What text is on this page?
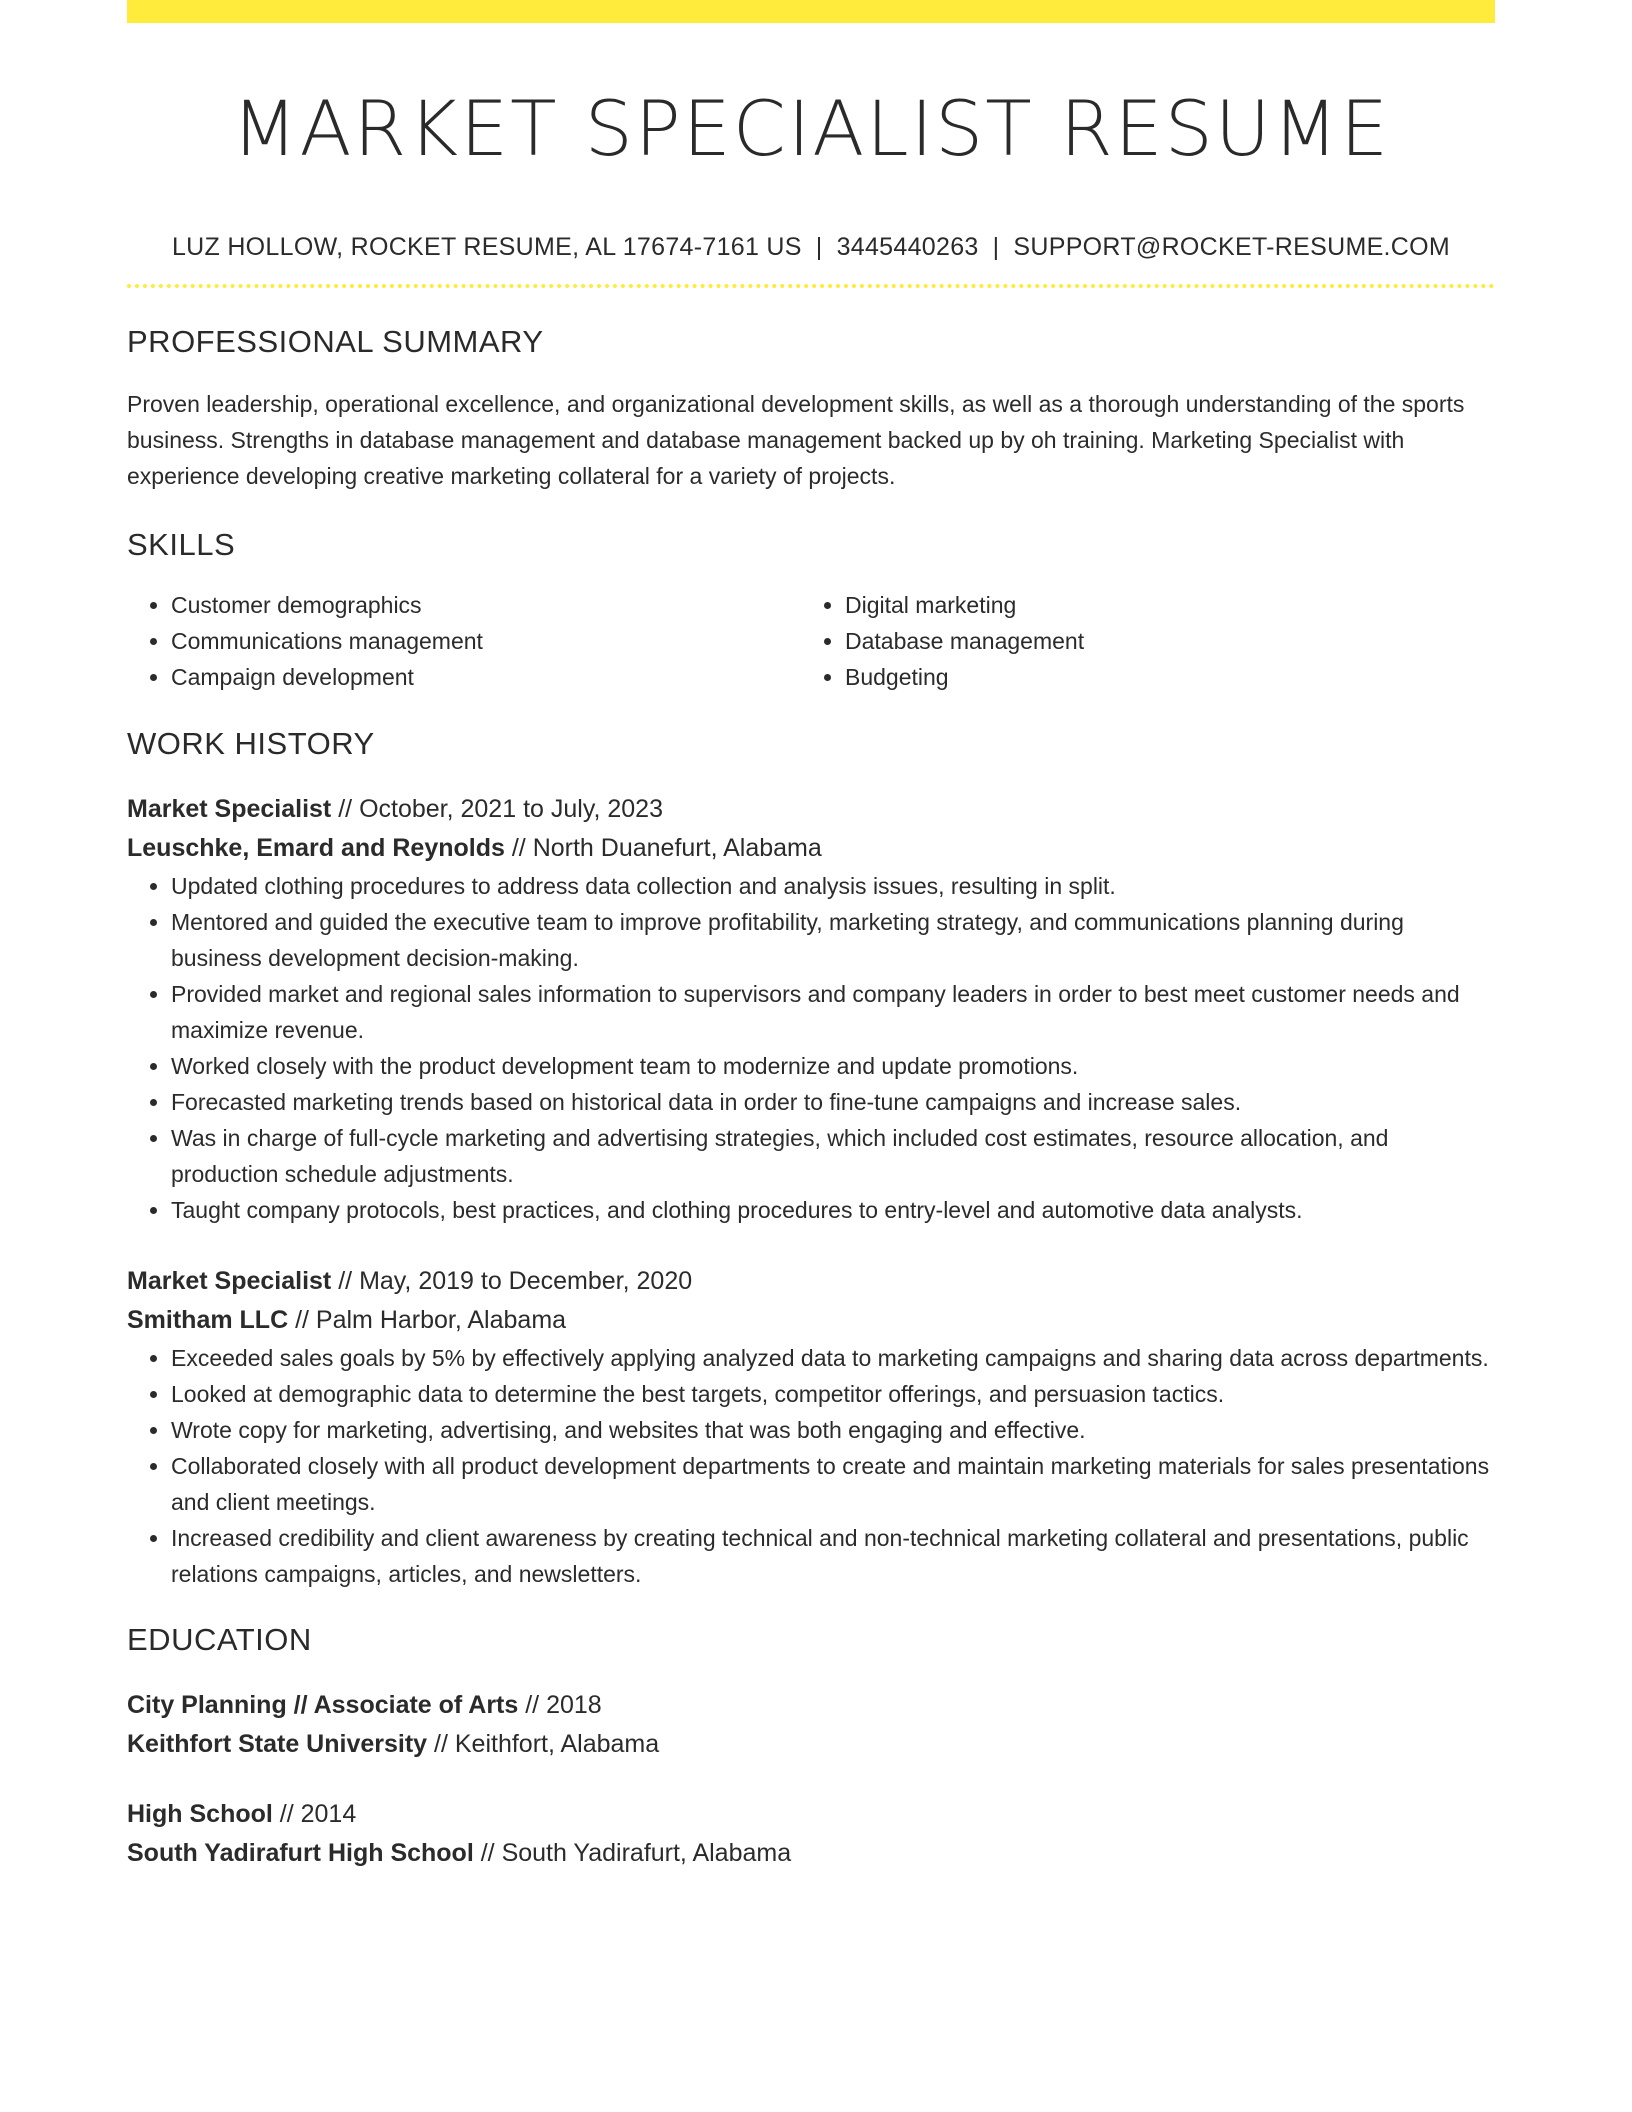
MARKET SPECIALIST RESUME
LUZ HOLLOW, ROCKET RESUME, AL 17674-7161 US | 3445440263 | SUPPORT@ROCKET-RESUME.COM
PROFESSIONAL SUMMARY

Proven leadership, operational excellence, and organizational development skills, as well as a thorough understanding of the sports business. Strengths in database management and database management backed up by oh training. Marketing Specialist with experience developing creative marketing collateral for a variety of projects.

SKILLS
• Customer demographics
• Communications management
• Campaign development
• Digital marketing
• Database management
• Budgeting
WORK HISTORY
Market Specialist // October, 2021 to July, 2023
Leuschke, Emard and Reynolds // North Duanefurt, Alabama
• Updated clothing procedures to address data collection and analysis issues, resulting in split.
• Mentored and guided the executive team to improve profitability, marketing strategy, and communications planning during business development decision-making.
• Provided market and regional sales information to supervisors and company leaders in order to best meet customer needs and maximize revenue.
• Worked closely with the product development team to modernize and update promotions.
• Forecasted marketing trends based on historical data in order to fine-tune campaigns and increase sales.
• Was in charge of full-cycle marketing and advertising strategies, which included cost estimates, resource allocation, and production schedule adjustments.
• Taught company protocols, best practices, and clothing procedures to entry-level and automotive data analysts.
Market Specialist // May, 2019 to December, 2020
Smitham LLC // Palm Harbor, Alabama
• Exceeded sales goals by 5% by effectively applying analyzed data to marketing campaigns and sharing data across departments.
• Looked at demographic data to determine the best targets, competitor offerings, and persuasion tactics.
• Wrote copy for marketing, advertising, and websites that was both engaging and effective.
• Collaborated closely with all product development departments to create and maintain marketing materials for sales presentations and client meetings.
• Increased credibility and client awareness by creating technical and non-technical marketing collateral and presentations, public relations campaigns, articles, and newsletters.
EDUCATION
City Planning // Associate of Arts // 2018
Keithfort State University // Keithfort, Alabama
High School // 2014
South Yadirafurt High School // South Yadirafurt, Alabama
